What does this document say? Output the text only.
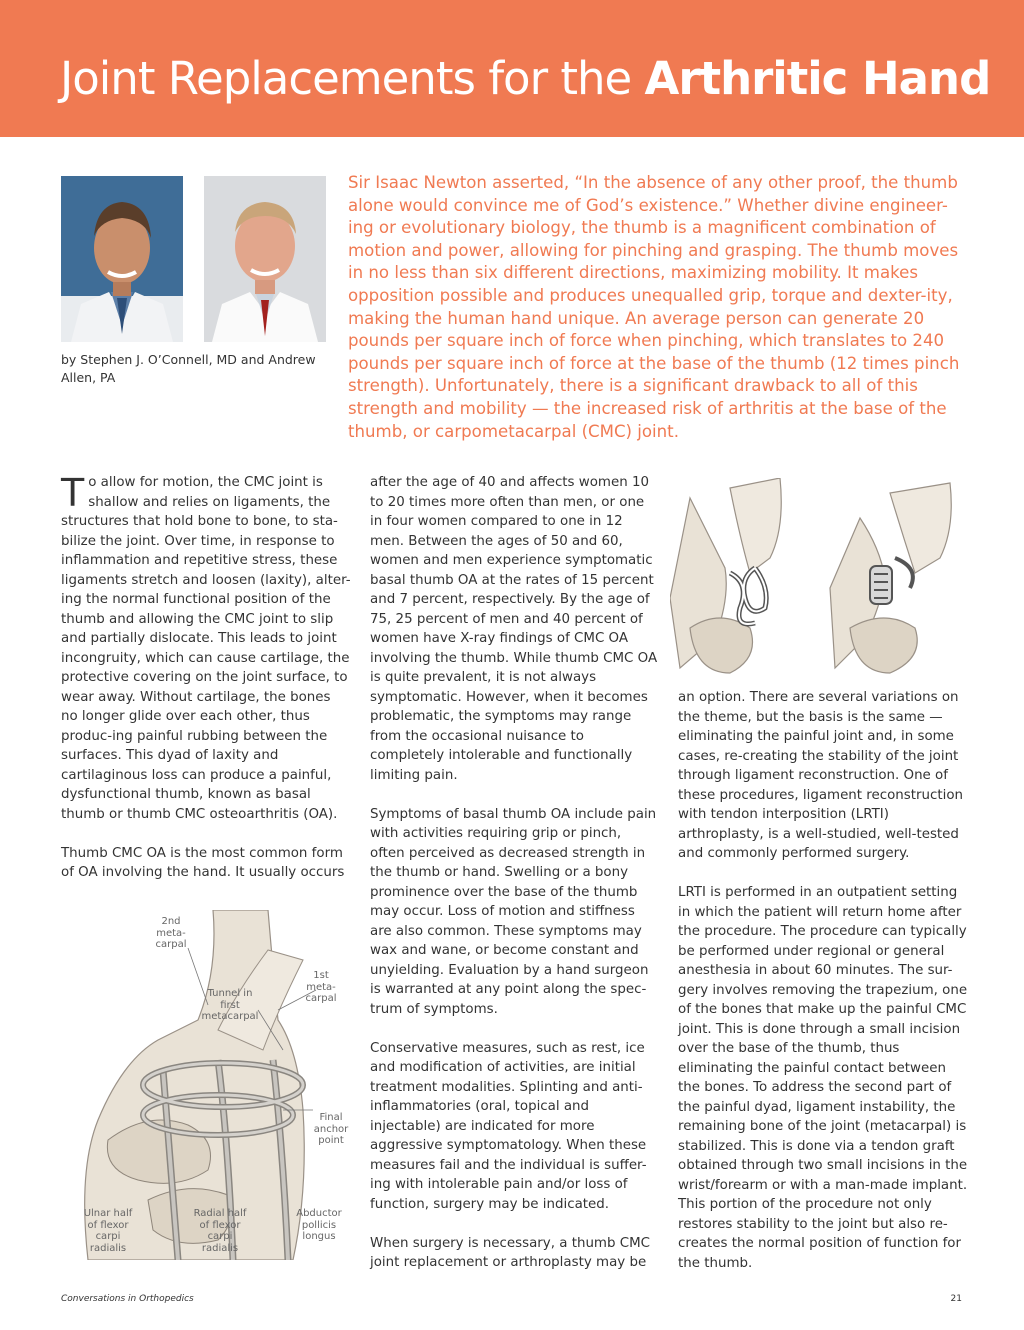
Joint Replacements for the Arthritic Hand
by Stephen J. O’Connell, MD and Andrew Allen, PA
Sir Isaac Newton asserted, “In the absence of any other proof, the thumb alone would convince me of God’s existence.” Whether divine engineer-ing or evolutionary biology, the thumb is a magnificent combination of motion and power, allowing for pinching and grasping. The thumb moves in no less than six different directions, maximizing mobility. It makes opposition possible and produces unequalled grip, torque and dexter-ity, making the human hand unique. An average person can generate 20 pounds per square inch of force when pinching, which translates to 240 pounds per square inch of force at the base of the thumb (12 times pinch strength). Unfortunately, there is a significant drawback to all of this strength and mobility — the increased risk of arthritis at the base of the thumb, or carpometacarpal (CMC) joint.

To allow for motion, the CMC joint is shallow and relies on ligaments, the structures that hold bone to bone, to sta-bilize the joint. Over time, in response to inflammation and repetitive stress, these ligaments stretch and loosen (laxity), alter-ing the normal functional position of the thumb and allowing the CMC joint to slip and partially dislocate. This leads to joint incongruity, which can cause cartilage, the protective covering on the joint surface, to wear away. Without cartilage, the bones no longer glide over each other, thus produc-ing painful rubbing between the surfaces. This dyad of laxity and cartilaginous loss can produce a painful, dysfunctional thumb, known as basal thumb or thumb CMC osteoarthritis (OA).

Thumb CMC OA is the most common form of OA involving the hand. It usually occurs

2nd
meta-
carpal
Tunnel in
first
metacarpal
1st
meta-
carpal
Final
anchor
point
Ulnar half
of flexor
carpi
radialis
Radial half
of flexor
carpi
radialis
Abductor
pollicis
longus

after the age of 40 and affects women 10 to 20 times more often than men, or one in four women compared to one in 12 men. Between the ages of 50 and 60, women and men experience symptomatic basal thumb OA at the rates of 15 percent and 7 percent, respectively. By the age of 75, 25 percent of men and 40 percent of women have X-ray findings of CMC OA involving the thumb. While thumb CMC OA is quite prevalent, it is not always symptomatic. However, when it becomes problematic, the symptoms may range from the occasional nuisance to completely intolerable and functionally limiting pain.

Symptoms of basal thumb OA include pain with activities requiring grip or pinch, often perceived as decreased strength in the thumb or hand. Swelling or a bony prominence over the base of the thumb may occur. Loss of motion and stiffness are also common. These symptoms may wax and wane, or become constant and unyielding. Evaluation by a hand surgeon is warranted at any point along the spec-trum of symptoms.

Conservative measures, such as rest, ice and modification of activities, are initial treatment modalities. Splinting and anti-inflammatories (oral, topical and injectable) are indicated for more aggressive symptomatology. When these measures fail and the individual is suffer-ing with intolerable pain and/or loss of function, surgery may be indicated.

When surgery is necessary, a thumb CMC joint replacement or arthroplasty may be

an option. There are several variations on the theme, but the basis is the same — eliminating the painful joint and, in some cases, re-creating the stability of the joint through ligament reconstruction. One of these procedures, ligament reconstruction with tendon interposition (LRTI) arthroplasty, is a well-studied, well-tested and commonly performed surgery.

LRTI is performed in an outpatient setting in which the patient will return home after the procedure. The procedure can typically be performed under regional or general anesthesia in about 60 minutes. The sur-gery involves removing the trapezium, one of the bones that make up the painful CMC joint. This is done through a small incision over the base of the thumb, thus eliminating the painful contact between the bones. To address the second part of the painful dyad, ligament instability, the remaining bone of the joint (metacarpal) is stabilized. This is done via a tendon graft obtained through two small incisions in the wrist/forearm or with a man-made implant. This portion of the procedure not only restores stability to the joint but also re-creates the normal position of function for the thumb.

Conversations in Orthopedics	21
